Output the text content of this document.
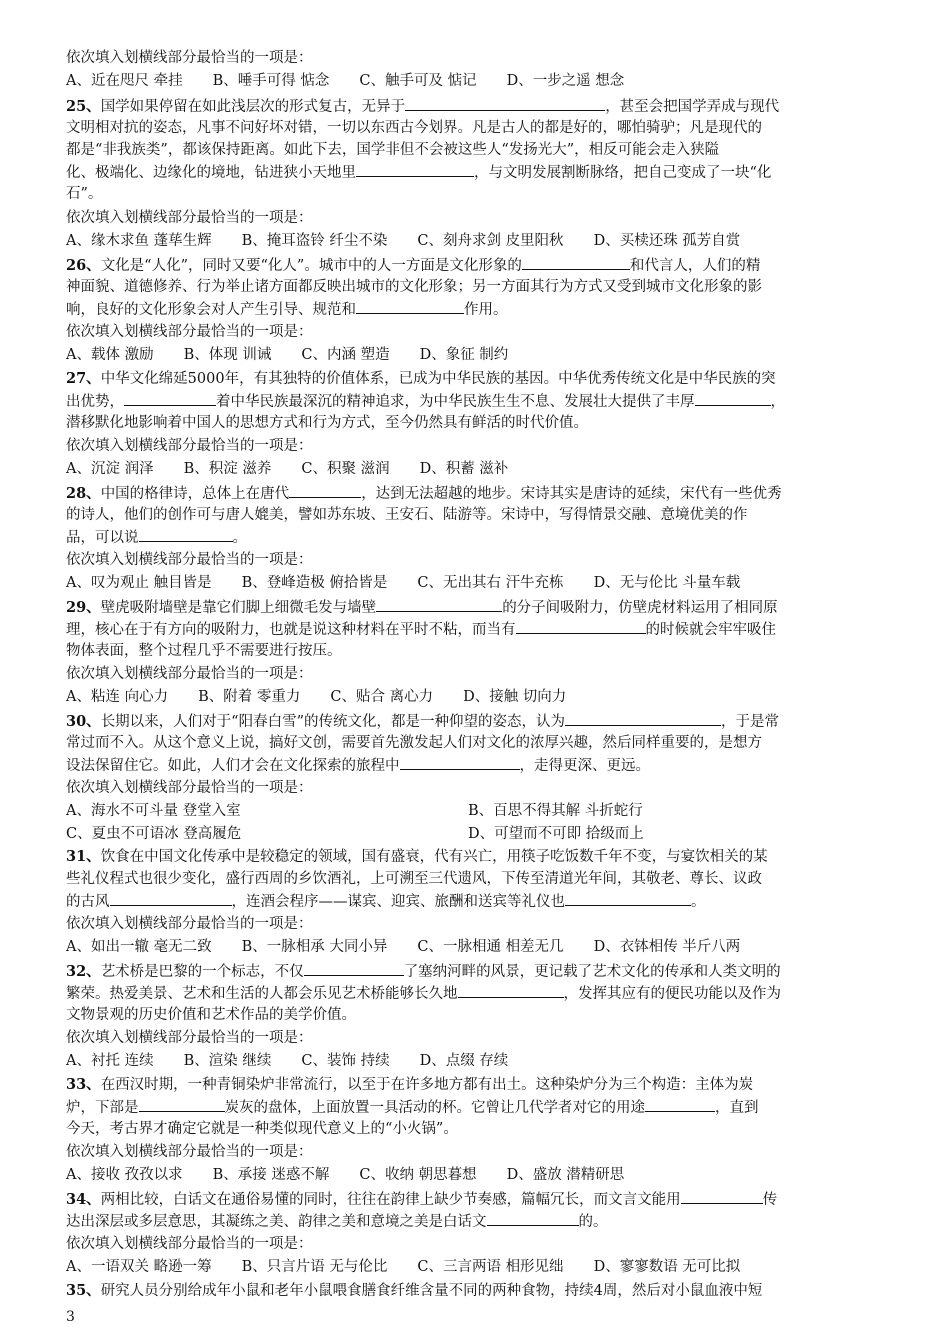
依次填入划横线部分最恰当的一项是：
A、近在咫尺 牵挂 B、唾手可得 惦念 C、触手可及 惦记 D、一步之遥 想念
25、国学如果停留在如此浅层次的形式复古，无异于	，甚至会把国学弄成与现代
文明相对抗的姿态，凡事不问好坏对错，一切以东西古今划界。凡是古人的都是好的，哪怕骑驴；凡是现代的
都是“非我族类”，都该保持距离。如此下去，国学非但不会被这些人“发扬光大”，相反可能会走入狭隘
化、极端化、边缘化的境地，钻进狭小天地里	，与文明发展割断脉络，把自己变成了一块“化
石”。
依次填入划横线部分最恰当的一项是：
A、缘木求鱼 蓬荜生辉 B、掩耳盗铃 纤尘不染 C、刻舟求剑 皮里阳秋 D、买椟还珠 孤芳自赏
26、文化是“人化”，同时又要“化人”。城市中的人一方面是文化形象的	和代言人，人们的精
神面貌、道德修养、行为举止诸方面都反映出城市的文化形象；另一方面其行为方式又受到城市文化形象的影
响，良好的文化形象会对人产生引导、规范和	作用。
依次填入划横线部分最恰当的一项是：
A、载体 激励 B、体现 训诫 C、内涵 塑造 D、象征 制约
27、中华文化绵延5000年，有其独特的价值体系，已成为中华民族的基因。中华优秀传统文化是中华民族的突
出优势，	着中华民族最深沉的精神追求，为中华民族生生不息、发展壮大提供了丰厚	，
潜移默化地影响着中国人的思想方式和行为方式，至今仍然具有鲜活的时代价值。
依次填入划横线部分最恰当的一项是：
A、沉淀 润泽 B、积淀 滋养 C、积聚 滋润 D、积蓄 滋补
28、中国的格律诗，总体上在唐代	，达到无法超越的地步。宋诗其实是唐诗的延续，宋代有一些优秀
的诗人，他们的创作可与唐人媲美，譬如苏东坡、王安石、陆游等。宋诗中，写得情景交融、意境优美的作
品，可以说	。
依次填入划横线部分最恰当的一项是：
A、叹为观止 触目皆是 B、登峰造极 俯拾皆是 C、无出其右 汗牛充栋 D、无与伦比 斗量车载
29、壁虎吸附墙壁是靠它们脚上细微毛发与墙壁	的分子间吸附力，仿壁虎材料运用了相同原
理，核心在于有方向的吸附力，也就是说这种材料在平时不粘，而当有	的时候就会牢牢吸住
物体表面，整个过程几乎不需要进行按压。
依次填入划横线部分最恰当的一项是：
A、粘连 向心力 B、附着 零重力 C、贴合 离心力 D、接触 切向力
30、长期以来，人们对于“阳春白雪”的传统文化，都是一种仰望的姿态，认为	，于是常
常过而不入。从这个意义上说，搞好文创，需要首先激发起人们对文化的浓厚兴趣，然后同样重要的，是想方
设法保留住它。如此，人们才会在文化探索的旅程中	，走得更深、更远。
依次填入划横线部分最恰当的一项是：
A、海水不可斗量 登堂入室	B、百思不得其解 斗折蛇行
C、夏虫不可语冰 登高履危	D、可望而不可即 拾级而上
31、饮食在中国文化传承中是较稳定的领域，国有盛衰，代有兴亡，用筷子吃饭数千年不变，与宴饮相关的某
些礼仪程式也很少变化，盛行西周的乡饮酒礼，上可溯至三代遗风，下传至清道光年间，其敬老、尊长、议政
的古风	，连酒会程序——谋宾、迎宾、旅酬和送宾等礼仪也	。
依次填入划横线部分最恰当的一项是：
A、如出一辙 毫无二致 B、一脉相承 大同小异 C、一脉相通 相差无几 D、衣钵相传 半斤八两
32、艺术桥是巴黎的一个标志，不仅	了塞纳河畔的风景，更记载了艺术文化的传承和人类文明的
繁荣。热爱美景、艺术和生活的人都会乐见艺术桥能够长久地	，发挥其应有的便民功能以及作为
文物景观的历史价值和艺术作品的美学价值。
依次填入划横线部分最恰当的一项是：
A、衬托 连续 B、渲染 继续 C、装饰 持续 D、点缀 存续
33、在西汉时期，一种青铜染炉非常流行，以至于在许多地方都有出土。这种染炉分为三个构造：主体为炭
炉，下部是	炭灰的盘体，上面放置一具活动的杯。它曾让几代学者对它的用途	，直到
今天，考古界才确定它就是一种类似现代意义上的“小火锅”。
依次填入划横线部分最恰当的一项是：
A、接收 孜孜以求 B、承接 迷惑不解 C、收纳 朝思暮想 D、盛放 潜精研思
34、两相比较，白话文在通俗易懂的同时，往往在韵律上缺少节奏感，篇幅冗长，而文言文能用	传
达出深层或多层意思，其凝练之美、韵律之美和意境之美是白话文	的。
依次填入划横线部分最恰当的一项是：
A、一语双关 略逊一筹 B、只言片语 无与伦比 C、三言两语 相形见绌 D、寥寥数语 无可比拟
35、研究人员分别给成年小鼠和老年小鼠喂食膳食纤维含量不同的两种食物，持续4周，然后对小鼠血液中短
3
